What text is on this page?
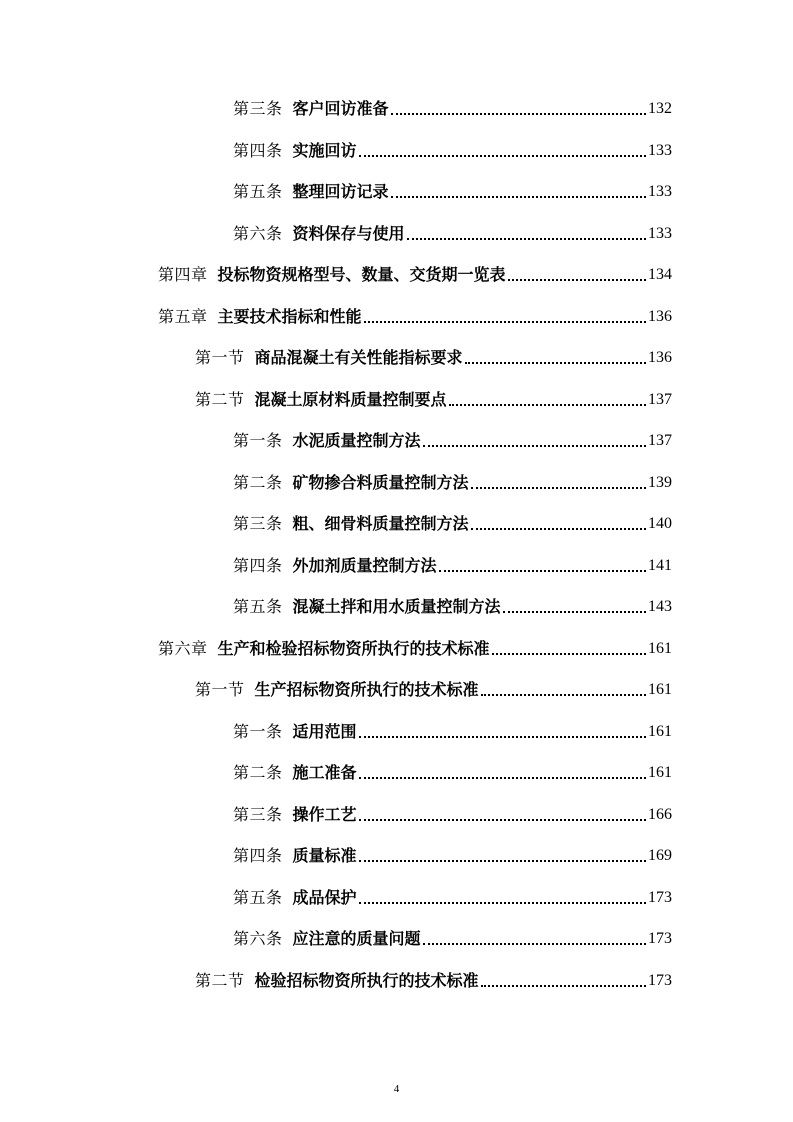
第三条 客户回访准备	132
第四条 实施回访	133
第五条 整理回访记录	133
第六条 资料保存与使用	133
第四章 投标物资规格型号、数量、交货期一览表	134
第五章 主要技术指标和性能	136
第一节 商品混凝土有关性能指标要求	136
第二节 混凝土原材料质量控制要点	137
第一条 水泥质量控制方法	137
第二条 矿物掺合料质量控制方法	139
第三条 粗、细骨料质量控制方法	140
第四条 外加剂质量控制方法	141
第五条 混凝土拌和用水质量控制方法	143
第六章 生产和检验招标物资所执行的技术标准	161
第一节 生产招标物资所执行的技术标准	161
第一条 适用范围	161
第二条 施工准备	161
第三条 操作工艺	166
第四条 质量标准	169
第五条 成品保护	173
第六条 应注意的质量问题	173
第二节 检验招标物资所执行的技术标准	173
4
